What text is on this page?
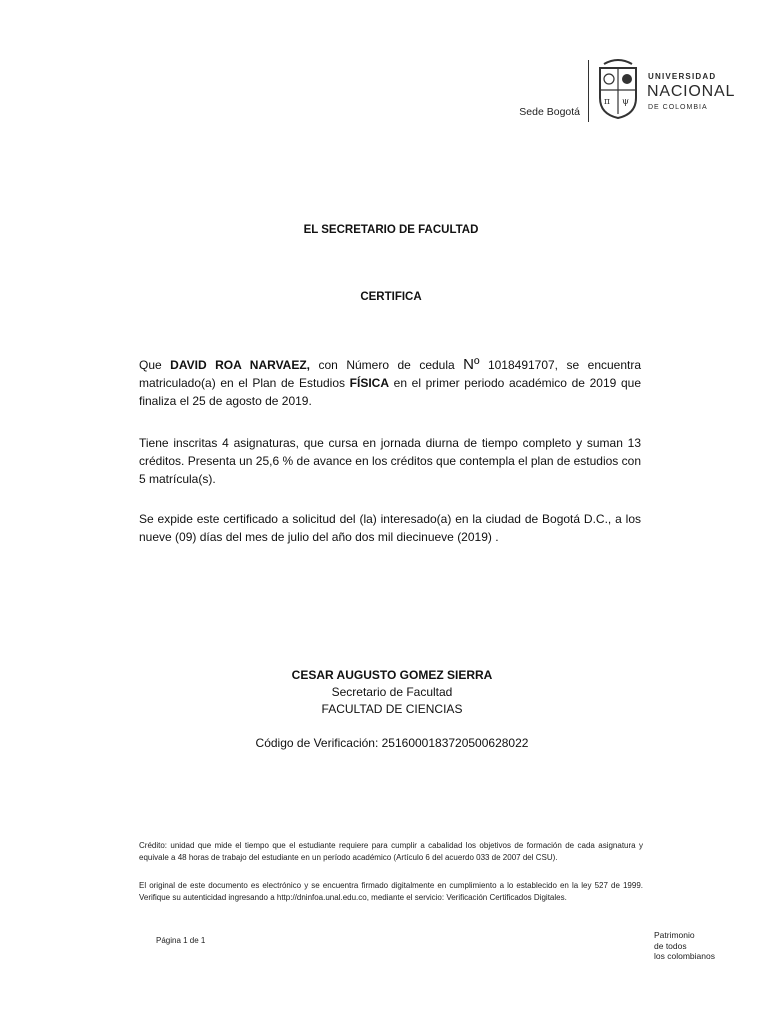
Sede Bogotá
π ψ
UNIVERSIDAD
NACIONAL
DE COLOMBIA
EL SECRETARIO DE FACULTAD
CERTIFICA
Que DAVID ROA NARVAEZ, con Número de cedula Nº 1018491707, se encuentra matriculado(a) en el Plan de Estudios FÍSICA en el primer periodo académico de 2019 que finaliza el 25 de agosto de 2019.
Tiene inscritas 4 asignaturas, que cursa en jornada diurna de tiempo completo y suman 13 créditos. Presenta un 25,6 % de avance en los créditos que contempla el plan de estudios con 5 matrícula(s).
Se expide este certificado a solicitud del (la) interesado(a) en la ciudad de Bogotá D.C., a los nueve (09) días del mes de julio del año dos mil diecinueve (2019) .
CESAR AUGUSTO GOMEZ SIERRA
Secretario de Facultad
FACULTAD DE CIENCIAS
Código de Verificación: 2516000183720500628022
Crédito: unidad que mide el tiempo que el estudiante requiere para cumplir a cabalidad los objetivos de formación de cada asignatura y equivale a 48 horas de trabajo del estudiante en un período académico (Artículo 6 del acuerdo 033 de 2007 del CSU).
El original de este documento es electrónico y se encuentra firmado digitalmente en cumplimiento a lo establecido en la ley 527 de 1999. Verifique su autenticidad ingresando a http://dninfoa.unal.edu.co, mediante el servicio: Verificación Certificados Digitales.
Página 1 de 1
Patrimonio
de todos
los colombianos
